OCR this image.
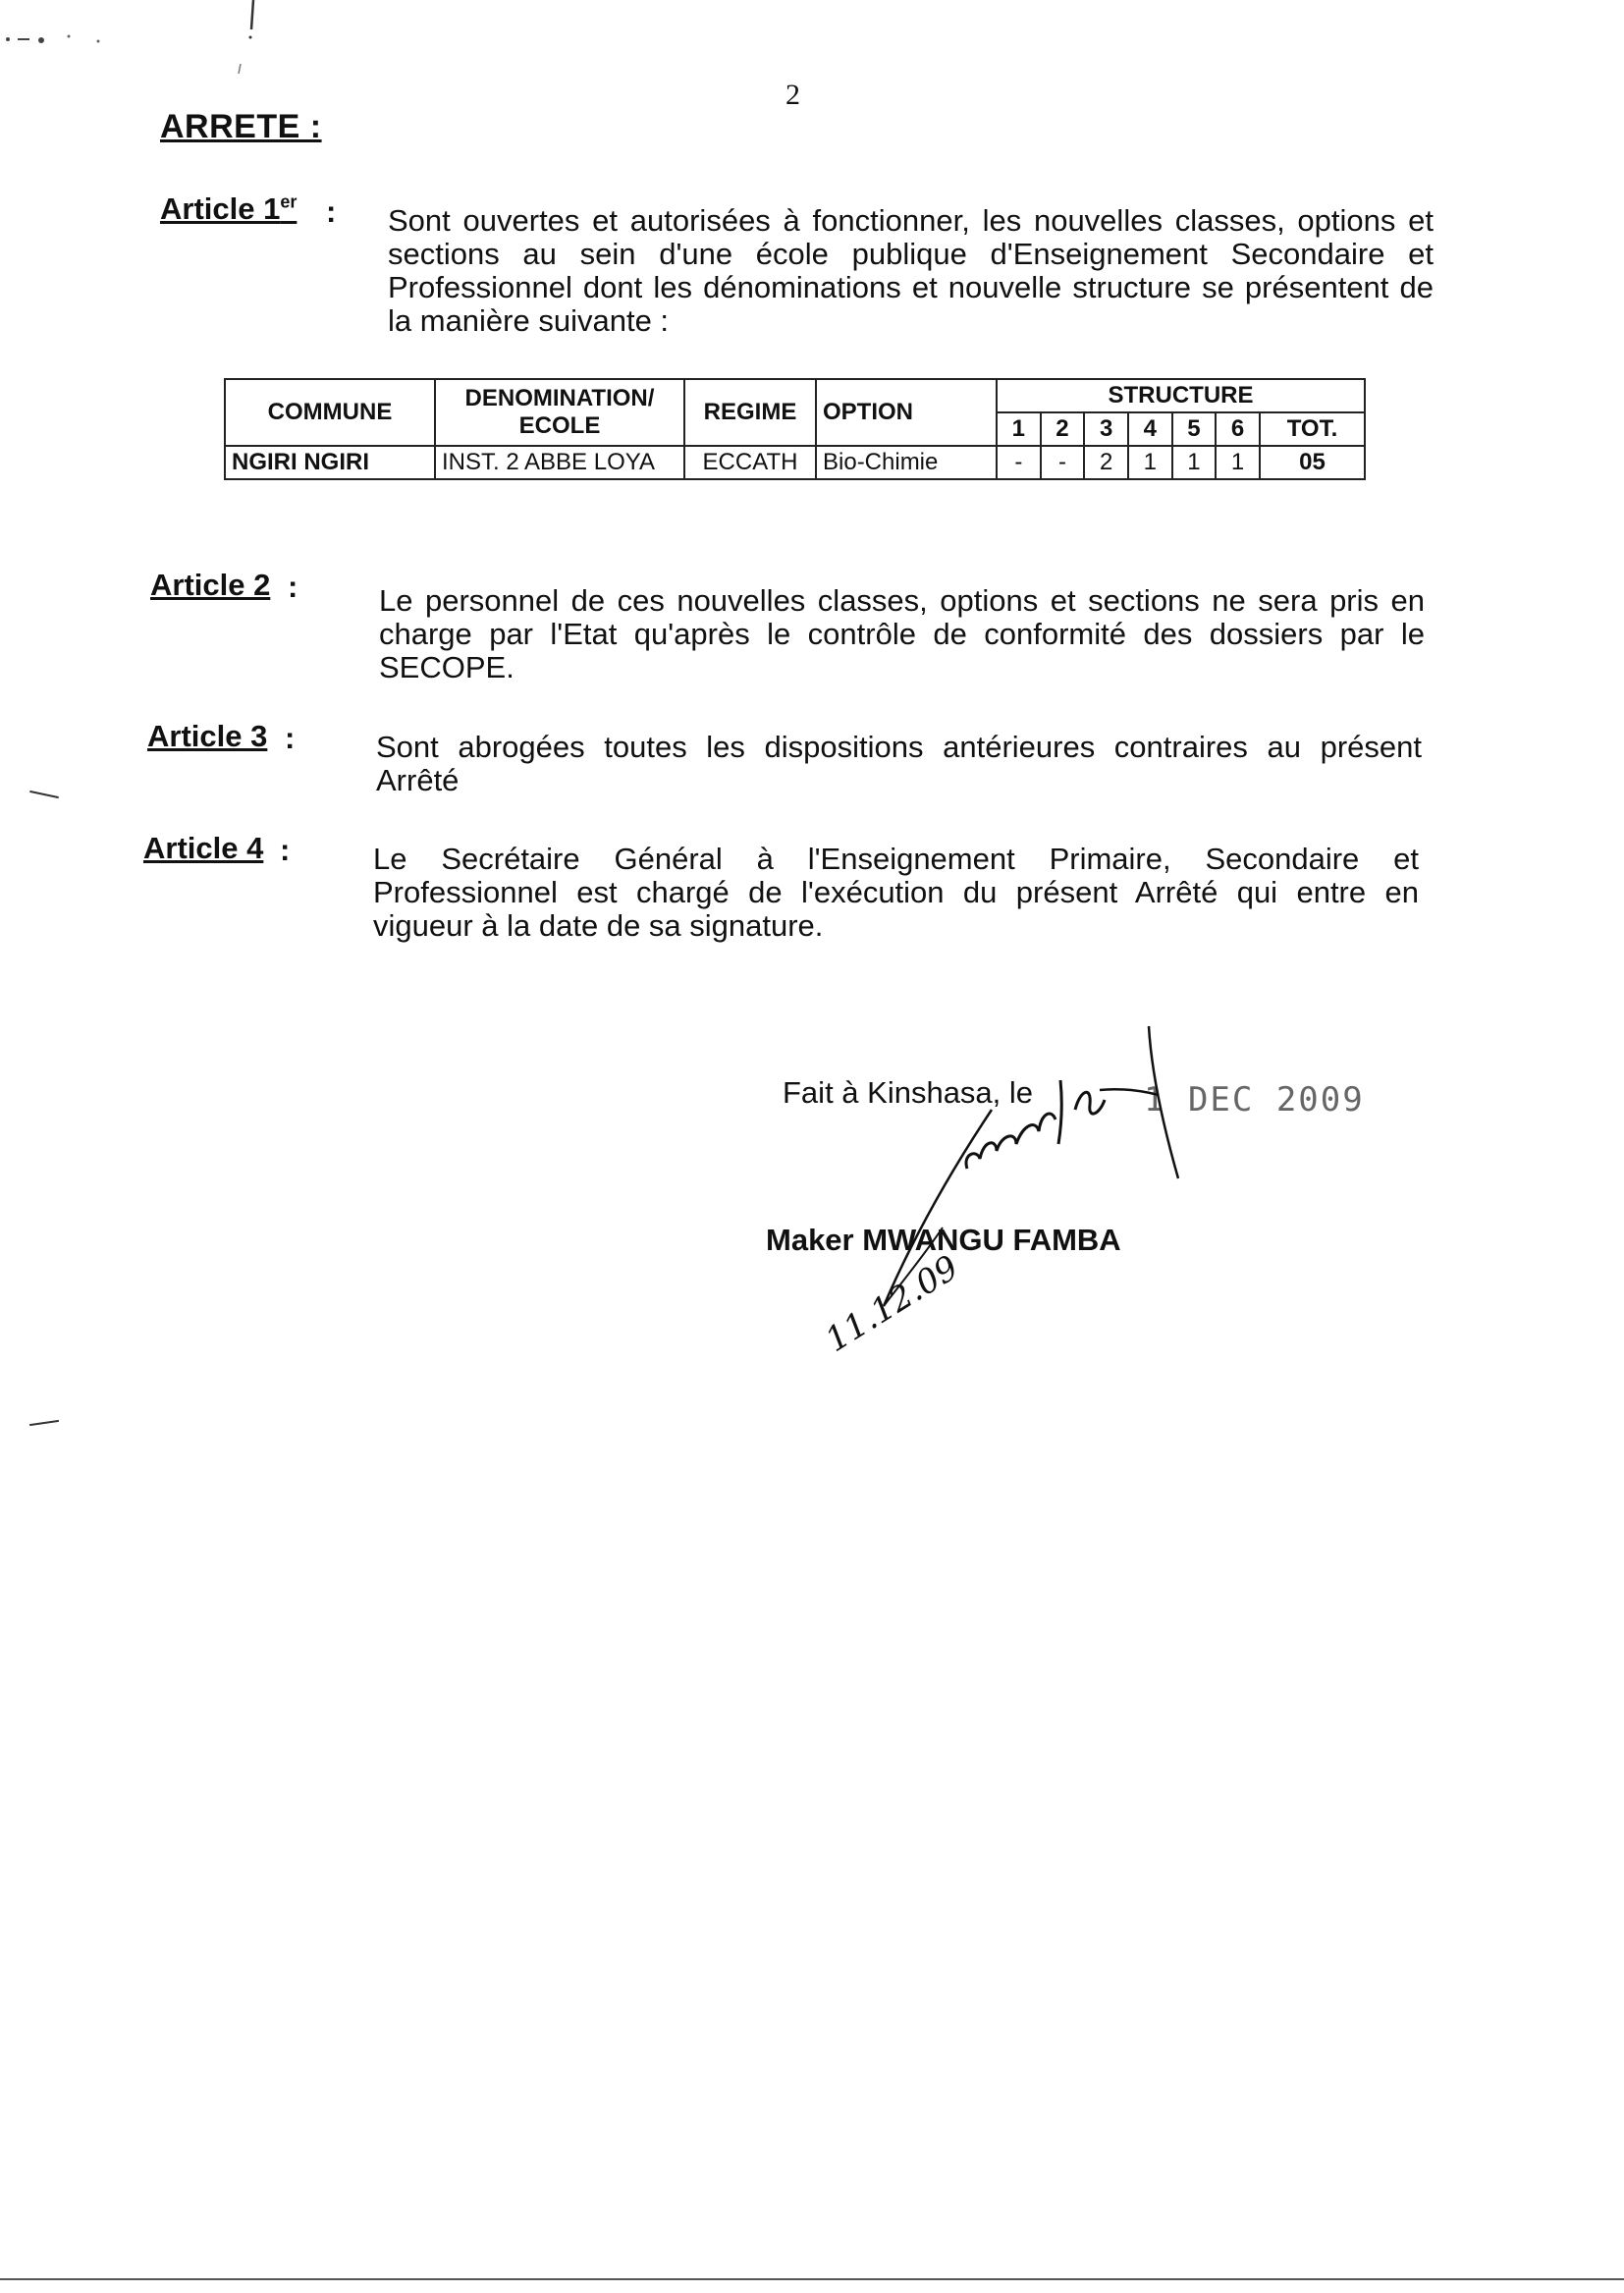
2
ARRETE :
Article 1er : Sont ouvertes et autorisées à fonctionner, les nouvelles classes, options et sections au sein d'une école publique d'Enseignement Secondaire et Professionnel dont les dénominations et nouvelle structure se présentent de la manière suivante :
COMMUNE	DENOMINATION/ ECOLE	REGIME	OPTION	STRUCTURE						
				1	2	3	4	5	6	TOT.
NGIRI NGIRI	INST. 2 ABBE LOYA	ECCATH	Bio-Chimie	-	-	2	1	1	1	05
Article 2 :	Le personnel de ces nouvelles classes, options et sections ne sera pris en charge par l'Etat qu'après le contrôle de conformité des dossiers par le SECOPE.
Article 3 :	Sont abrogées toutes les dispositions antérieures contraires au présent Arrêté
Article 4 :	Le Secrétaire Général à l'Enseignement Primaire, Secondaire et Professionnel est chargé de l'exécution du présent Arrêté qui entre en vigueur à la date de sa signature.
Fait à Kinshasa, le	1 DEC 2009
Maker MWANGU FAMBA
11.12.09
